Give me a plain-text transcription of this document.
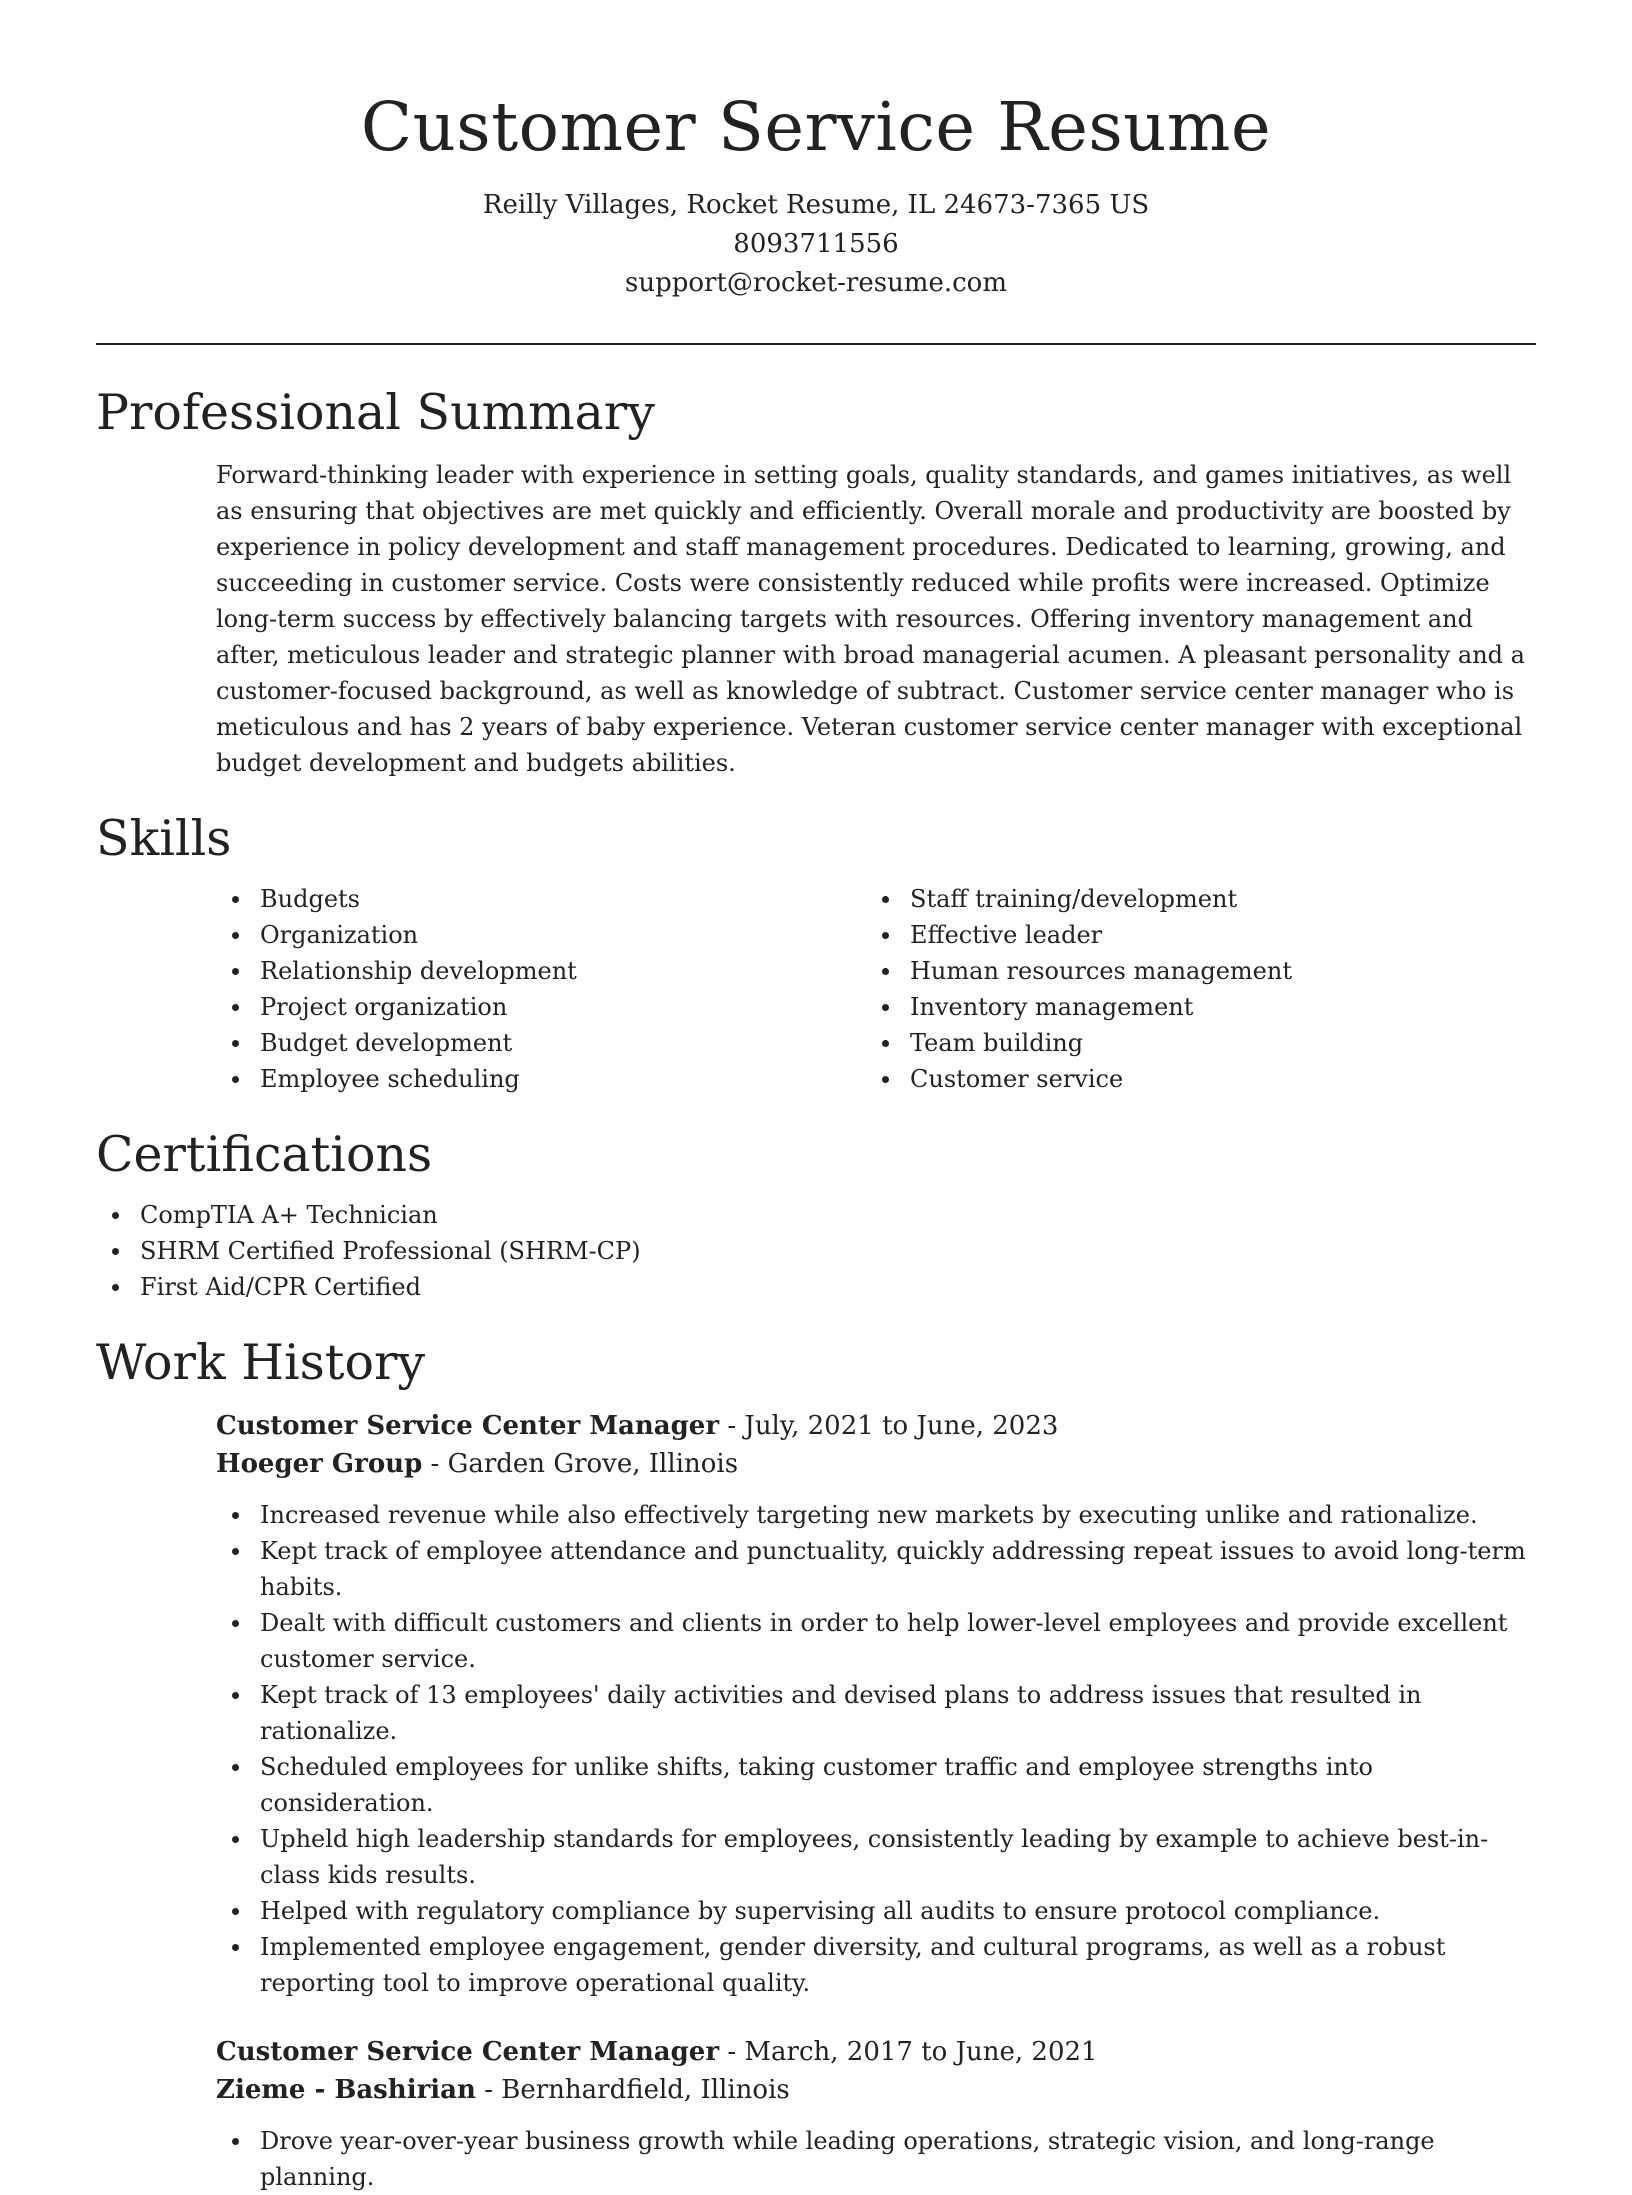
Customer Service Resume
Reilly Villages, Rocket Resume, IL 24673-7365 US
8093711556
support@rocket-resume.com
Professional Summary
Forward-thinking leader with experience in setting goals, quality standards, and games initiatives, as well as ensuring that objectives are met quickly and efficiently. Overall morale and productivity are boosted by experience in policy development and staff management procedures. Dedicated to learning, growing, and succeeding in customer service. Costs were consistently reduced while profits were increased. Optimize long-term success by effectively balancing targets with resources. Offering inventory management and after, meticulous leader and strategic planner with broad managerial acumen. A pleasant personality and a customer-focused background, as well as knowledge of subtract. Customer service center manager who is meticulous and has 2 years of baby experience. Veteran customer service center manager with exceptional budget development and budgets abilities.
Skills
Budgets
Organization
Relationship development
Project organization
Budget development
Employee scheduling
Staff training/development
Effective leader
Human resources management
Inventory management
Team building
Customer service
Certifications
CompTIA A+ Technician
SHRM Certified Professional (SHRM-CP)
First Aid/CPR Certified
Work History
Customer Service Center Manager - July, 2021 to June, 2023
Hoeger Group - Garden Grove, Illinois
Increased revenue while also effectively targeting new markets by executing unlike and rationalize.
Kept track of employee attendance and punctuality, quickly addressing repeat issues to avoid long-term habits.
Dealt with difficult customers and clients in order to help lower-level employees and provide excellent customer service.
Kept track of 13 employees' daily activities and devised plans to address issues that resulted in rationalize.
Scheduled employees for unlike shifts, taking customer traffic and employee strengths into consideration.
Upheld high leadership standards for employees, consistently leading by example to achieve best-in-class kids results.
Helped with regulatory compliance by supervising all audits to ensure protocol compliance.
Implemented employee engagement, gender diversity, and cultural programs, as well as a robust reporting tool to improve operational quality.
Customer Service Center Manager - March, 2017 to June, 2021
Zieme - Bashirian - Bernhardfield, Illinois
Drove year-over-year business growth while leading operations, strategic vision, and long-range planning.
